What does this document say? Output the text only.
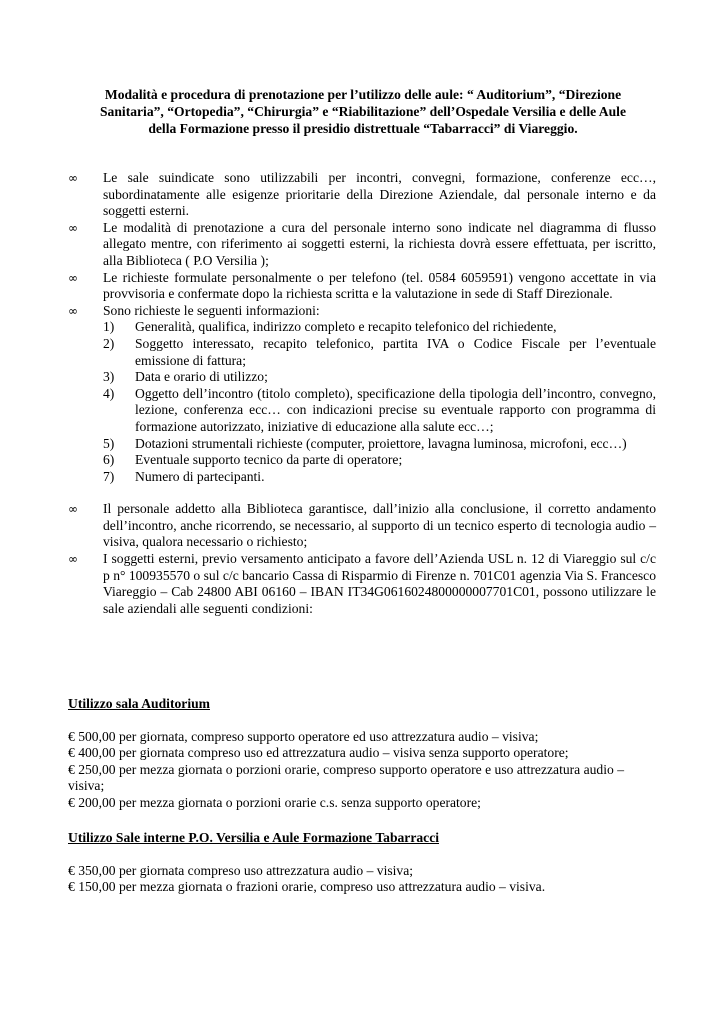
Modalità e procedura di prenotazione per l’utilizzo delle aule: “ Auditorium”, “Direzione
Sanitaria”, “Ortopedia”, “Chirurgia” e “Riabilitazione” dell’Ospedale Versilia e delle Aule
della Formazione presso il presidio distrettuale “Tabarracci” di Viareggio.
∞	Le sale suindicate sono utilizzabili per incontri, convegni, formazione, conferenze ecc…, subordinatamente alle esigenze prioritarie della Direzione Aziendale, dal personale interno e da soggetti esterni.
∞	Le modalità di prenotazione a cura del personale interno sono indicate nel diagramma di flusso allegato mentre, con riferimento ai soggetti esterni, la richiesta dovrà essere effettuata, per iscritto, alla Biblioteca ( P.O Versilia );
∞	Le richieste formulate personalmente o per telefono (tel. 0584 6059591) vengono accettate in via provvisoria e confermate dopo la richiesta scritta e la valutazione in sede di Staff Direzionale.
∞	Sono richieste le seguenti informazioni:
1) Generalità, qualifica, indirizzo completo e recapito telefonico del richiedente,
2) Soggetto interessato, recapito telefonico, partita IVA o Codice Fiscale per l’eventuale emissione di fattura;
3) Data e orario di utilizzo;
4) Oggetto dell’incontro (titolo completo), specificazione della tipologia dell’incontro, convegno, lezione, conferenza ecc… con indicazioni precise su eventuale rapporto con programma di formazione autorizzato, iniziative di educazione alla salute ecc…;
5) Dotazioni strumentali richieste (computer, proiettore, lavagna luminosa, microfoni, ecc…)
6) Eventuale supporto tecnico da parte di operatore;
7) Numero di partecipanti.
∞	Il personale addetto alla Biblioteca garantisce, dall’inizio alla conclusione, il corretto andamento dell’incontro, anche ricorrendo, se necessario, al supporto di un tecnico esperto di tecnologia audio – visiva, qualora necessario o richiesto;
∞	I soggetti esterni, previo versamento anticipato a favore dell’Azienda USL n. 12 di Viareggio sul c/c p n° 100935570 o sul c/c bancario Cassa di Risparmio di Firenze n. 701C01 agenzia Via S. Francesco Viareggio – Cab 24800 ABI 06160 – IBAN IT34G0616024800000007701C01, possono utilizzare le sale aziendali alle seguenti condizioni:
Utilizzo sala Auditorium
€ 500,00 per giornata, compreso supporto operatore ed uso attrezzatura audio – visiva;
€ 400,00 per giornata compreso uso ed attrezzatura audio – visiva senza supporto operatore;
€ 250,00 per mezza giornata o porzioni orarie, compreso supporto operatore e uso attrezzatura audio – visiva;
€ 200,00 per mezza giornata o porzioni orarie c.s. senza supporto operatore;
Utilizzo Sale interne P.O. Versilia e Aule Formazione Tabarracci
€ 350,00 per giornata compreso uso attrezzatura audio – visiva;
€ 150,00 per mezza giornata o frazioni orarie, compreso uso attrezzatura audio – visiva.
